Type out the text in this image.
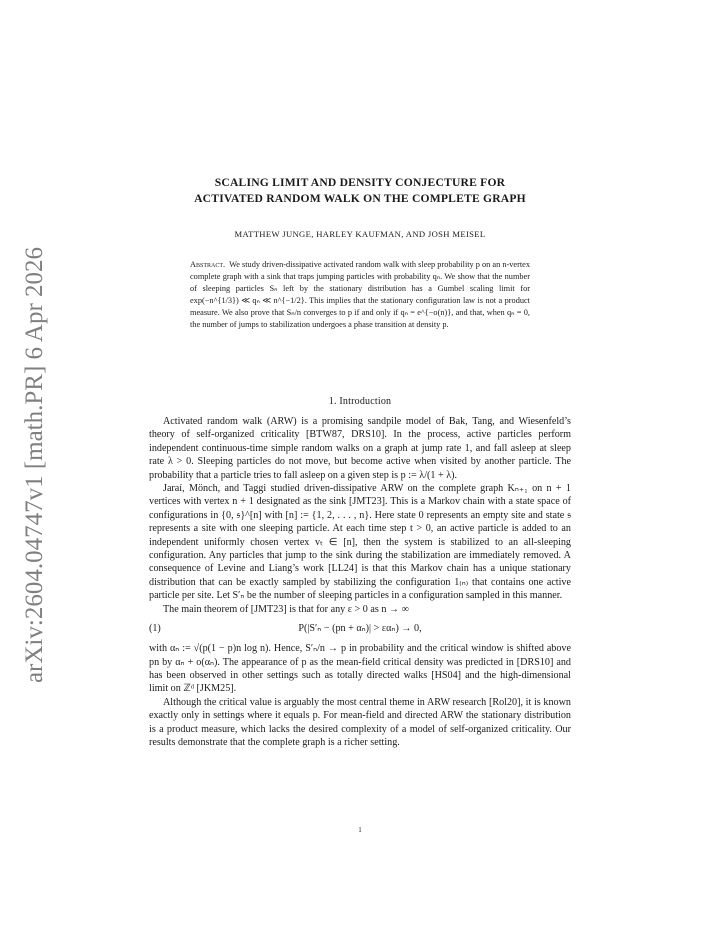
arXiv:2604.04747v1 [math.PR] 6 Apr 2026
SCALING LIMIT AND DENSITY CONJECTURE FOR
ACTIVATED RANDOM WALK ON THE COMPLETE GRAPH
MATTHEW JUNGE, HARLEY KAUFMAN, AND JOSH MEISEL
Abstract. We study driven-dissipative activated random walk with sleep probability p on an n-vertex complete graph with a sink that traps jumping particles with probability qₙ. We show that the number of sleeping particles Sₙ left by the stationary distribution has a Gumbel scaling limit for exp(−n^{1/3}) ≪ qₙ ≪ n^{−1/2}. This implies that the stationary configuration law is not a product measure. We also prove that Sₙ/n converges to p if and only if qₙ = e^{−o(n)}, and that, when qₙ = 0, the number of jumps to stabilization undergoes a phase transition at density p.
1. Introduction

Activated random walk (ARW) is a promising sandpile model of Bak, Tang, and Wiesenfeld’s theory of self-organized criticality [BTW87, DRS10]. In the process, active particles perform independent continuous-time simple random walks on a graph at jump rate 1, and fall asleep at sleep rate λ > 0. Sleeping particles do not move, but become active when visited by another particle. The probability that a particle tries to fall asleep on a given step is p := λ/(1 + λ).

Jaraí, Mönch, and Taggi studied driven-dissipative ARW on the complete graph Kₙ₊₁ on n + 1 vertices with vertex n + 1 designated as the sink [JMT23]. This is a Markov chain with a state space of configurations in {0, 𝔰}^[n] with [n] := {1, 2, . . . , n}. Here state 0 represents an empty site and state 𝔰 represents a site with one sleeping particle. At each time step t > 0, an active particle is added to an independent uniformly chosen vertex vₜ ∈ [n], then the system is stabilized to an all-sleeping configuration. Any particles that jump to the sink during the stabilization are immediately removed. A consequence of Levine and Liang’s work [LL24] is that this Markov chain has a unique stationary distribution that can be exactly sampled by stabilizing the configuration 1₍ₙ₎ that contains one active particle per site. Let S′ₙ be the number of sleeping particles in a configuration sampled in this manner.

The main theorem of [JMT23] is that for any ε > 0 as n → ∞

(1)	P(|S′ₙ − (pn + αₙ)| > εαₙ) → 0,

with αₙ := √(p(1 − p)n log n). Hence, S′ₙ/n → p in probability and the critical window is shifted above pn by αₙ + o(αₙ). The appearance of p as the mean-field critical density was predicted in [DRS10] and has been observed in other settings such as totally directed walks [HS04] and the high-dimensional limit on ℤᵈ [JKM25].

Although the critical value is arguably the most central theme in ARW research [Rol20], it is known exactly only in settings where it equals p. For mean-field and directed ARW the stationary distribution is a product measure, which lacks the desired complexity of a model of self-organized criticality. Our results demonstrate that the complete graph is a richer setting.

1
